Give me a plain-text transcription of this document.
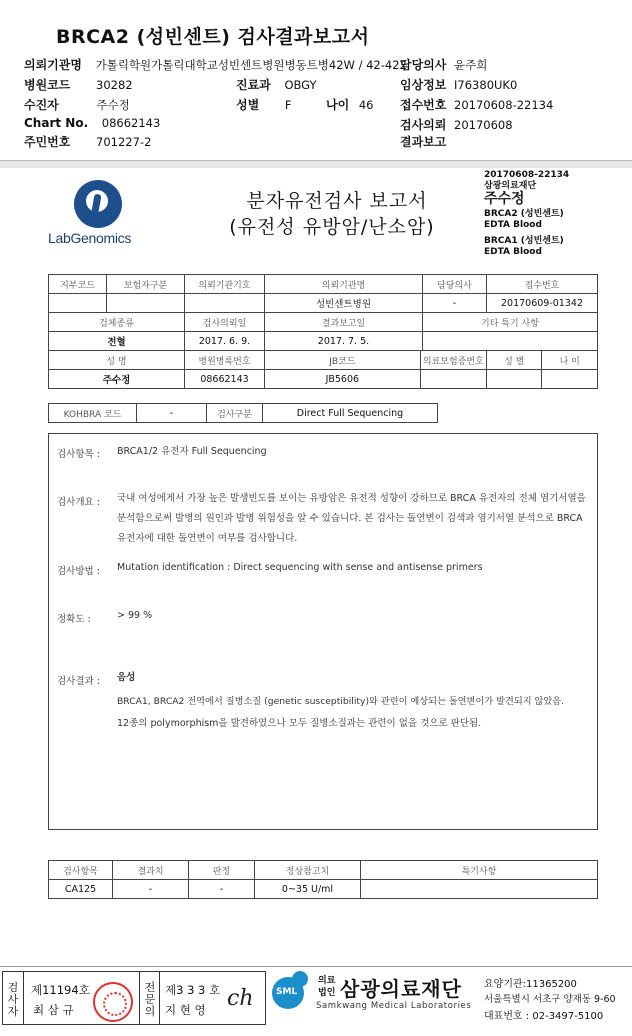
BRCA2 (성빈센트) 검사결과보고서
의뢰기관명 가톨릭학원가톨릭대학교성빈센트병원병동트병42W / 42-422
병원코드 30282
수진자	주수정
Chart No. 08662143
주민번호 701227-2
진료과 OBGY
성별 F	나이 46
담당의사 윤주희
임상정보 I76380UK0
접수번호 20170608-22134
검사의뢰 20170608
결과보고
LabGenomics
분자유전검사 보고서
(유전성 유방암/난소암)
20170608-22134
삼광의료재단
주수정
BRCA2 (성빈센트)
EDTA Blood
BRCA1 (성빈센트)
EDTA Blood
지부코드	보험자구분	의뢰기관기호	의뢰기관명		담당의사	접수번호	
			성빈센트병원		-	20170609-01342	
검체종류		검사의뢰일	결과보고일		기타 특기 사항		
전혈		2017. 6. 9.	2017. 7. 5.				
성 명		병원병록번호	JB코드	의료보험증번호		성 별	나 이
주수정		08662143	JB5606				
KOHBRA 코드	-	검사구분	Direct Full Sequencing
검사항목 : BRCA1/2 유전자 Full Sequencing
검사개요 : 국내 여성에게서 가장 높은 발생빈도를 보이는 유방암은 유전적 성향이 강하므로 BRCA 유전자의 전체 염기서열을 분석함으로써 발병의 원인과 발병 위험성을 알 수 있습니다. 본 검사는 돌연변이 검색과 염기서열 분석으로 BRCA 유전자에 대한 돌연변이 여부를 검사합니다.
검사방법 : Mutation identification : Direct sequencing with sense and antisense primers
정확도 :	> 99 %
검사결과 : 음성
BRCA1, BRCA2 전역에서 질병소질 (genetic susceptibility)와 관련이 예상되는 돌연변이가 발견되지 않았음.
12종의 polymorphism을 발견하였으나 모두 질병소질과는 관련이 없을 것으로 판단됨.
검사항목	결과치	판정	정상참고치	특기사항
CA125	-	-	0~35 U/ml	
검
사
자
제11194호
최 삼 규
전
문
의
제3 3 3 호
지 현 영 ch	SML
의료
법인 삼광의료재단
Samkwang Medical Laboratories
요양기관:11365200
서울특별시 서초구 양재동 9-60
대표번호 : 02-3497-5100
